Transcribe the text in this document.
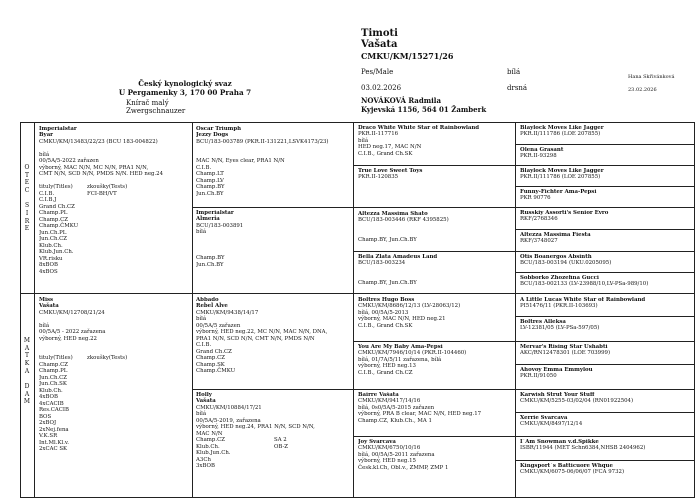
Timoti
Vašata
CMKU/KM/15271/26
Pes/Male	bílá
03.02.2026	drsná
NOVÁKOVÁ Radmila
Kyjevská 1156, 564 01 Žamberk
Český kynologický svaz
U Pergamenky 3, 170 00 Praha 7
Knírač malý
Zwergschnauzer
Hana Skřivánková
23.02.2026
O
T
E
C

S
I
R
E
M
A
T
K
A

D
A
M
Imperialstar
Byar
CMKU/KM/13483/22/23 (BCU 183-004822)

bílá
00/5A/5-2022 zařazen
výborný, MAC N/N, MC N/N, PRA1 N/N,
CMT N/N, SCD N/N, PMDS N/N. HED neg.24

tituly(Titles)
C.I.B.
C.I.B.J
Grand Ch.CZ
Champ.PL
Champ.CZ
Champ.ČMKU
Jun.Ch.PL
Jun.Ch.CZ
Klub.Ch.
Klub.Jun.Ch.
VR.risku
8xBOB
4xBOS
zkoušky(Tests)
FCI-BH/VT
Miss
Vašata
CMKU/KM/12708/21/24

bílá
00/5A/5 - 2022 zařazena
výborný, HED neg.22

tituly(Titles)
Champ.CZ
Champ.PL
Jun.Ch.CZ
Jun.Ch.SK
Klub.Ch.
4xBOB
4xCACIB
Res.CACIB
BOS
2xBOJ
2xNej.fena
V.K.SR
Int.Ml.Kl.v.
2xCAC SK
zkoušky(Tests)
Oscar Triumph
Jezzy Dogs
BCU/183-003789 (PKR.II-131221,LSVK4173/23)

MAC N/N, Eyes clear, PRA1 N/N
C.I.B.
Champ.LT
Champ.LV
Champ.BY
Jun.Ch.BY
Imperialstar
Almeria
BCU/183-003891
bílá

Champ.BY
Jun.Ch.BY
Abbado
Rebel Alve
CMKU/KM/9438/14/17
bílá
00/5A/5 zařazen
výborný, HED neg.22, MC N/N, MAC N/N, DNA,
PRA1 N/N, SCD N/N, CMT N/N, PMDS N/N
C.I.B.
Grand Ch.CZ
Champ.CZ
Champ.SK
Champ.ČMKU
Holly
Vašata
CMKU/KM/10884/17/21
bílá
00/5A/5-2019, zařazena
výborný, HED neg.24, PRA1 N/N, SCD N/N,
MAC N/N
Champ.CZ
Klub.Ch.
Klub.Jun.Ch.
A3Ch
3xBOB
SA 2
OB-Z
Draco White White Star of Rainbowland
PKR.II-117716
bílá
HED neg.17, MAC N/N
C.I.B., Grand Ch.SK
True Love Sweet Toys
PKR.II-120835
Altezza Massima Shato
BCU/183-003446 (RKF 4395825)

Champ.BY, Jun.Ch.BY
Bella Zlata Amadeus Land
BCU/183-003234

Champ.BY, Jun.Ch.BY
Boltres Hugo Boss
CMKU/KM/8686/12/13 (LV-28063/12)
bílá, 00/5A/5-2013
výborný, MAC N/N, HED neg.21
C.I.B., Grand Ch.SK
You Are My Baby Ama-Pepsi
CMKU/KM/7946/10/14 (PKR.II-104460)
bílá, 01/7A/5/11 zařazena, bílá
výborný, HED neg.13
C.I.B., Grand Ch.CZ
Bairre Vašata
CMKU/KM/9417/14/16
bílá, 0s0/5A/5-2015 zařazen
výborný, PRA B clear, MAC N/N, HED neg.17
Champ.CZ, Klub.Ch., MA 1
Joy Švarcava
CMKU/KM/6750/10/16
bílá, 00/5A/5-2011 zařazena
výborný, HED neg.15
Česk.kl.Ch, Obl.v., ZMMP, ZMP 1
Blaylock Moves Like Jagger
PKR.II/111786 (LOE 207855)
Olena Grasant
PKR.II-93298
Blaylock Moves Like Jagger
PKR.II/111786 (LOE 207855)
Funny-Fichter Ama-Pepsi
PKR 90776
Russkiy Assorti's Senior Evro
RKF/2768346
Altezza Massima Fiesta
RKF/3748027
Otis Boanergos Absinth
BCU/183-003194 (UKU.0205095)
Sobborko Zhozefina Gucci
BCU/183-002133 (LV-23988/10,LV-PSa-989/10)
A Little Lucas White Star of Rainbowland
PI51476/11 (PKR.II-103693)
Boltres Alleksa
LV-12381/05 (LV-PSa-597/05)
Mervar's Rising Star Ushabti
AKC/RN12478301 (LOE 703999)
Ahovoy Emma Emmylou
PKR.II/91050
Karwish Strut Your Stuff
CMKU/KM/5255-03/02/04 (RN01922504)
Xerrie Švarcava
CMKU/KM/8497/12/14
I´Am Snowman v.d.Spikke
ISBR/11944 (MET Schn6384,NHSB 2404962)
Kingsport´s Batticuore Whque
CMKU/KM/6075-06/06/07 (FCA 9732)
